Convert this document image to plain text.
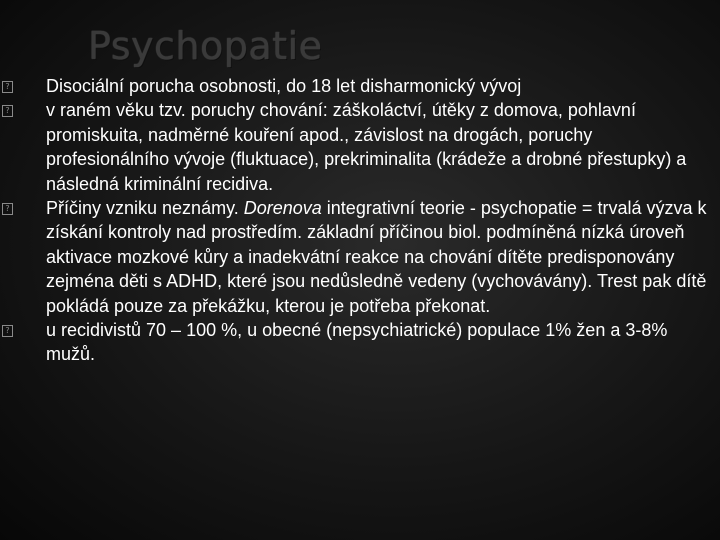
Psychopatie
? Disociální porucha osobnosti, do 18 let disharmonický vývoj
? v raném věku tzv. poruchy chování: záškoláctví, útěky z domova, pohlavní promiskuita, nadměrné kouření apod., závislost na drogách, poruchy profesionálního vývoje (fluktuace), prekriminalita (krádeže a drobné přestupky) a následná kriminální recidiva.
? Příčiny vzniku neznámy. Dorenova integrativní teorie - psychopatie = trvalá výzva k získání kontroly nad prostředím. základní příčinou biol. podmíněná nízká úroveň aktivace mozkové kůry a inadekvátní reakce na chování dítěte predisponovány zejména děti s ADHD, které jsou nedůsledně vedeny (vychovávány). Trest pak dítě pokládá pouze za překážku, kterou je potřeba překonat.
? u recidivistů 70 – 100 %, u obecné (nepsychiatrické) populace 1% žen a 3-8% mužů.
